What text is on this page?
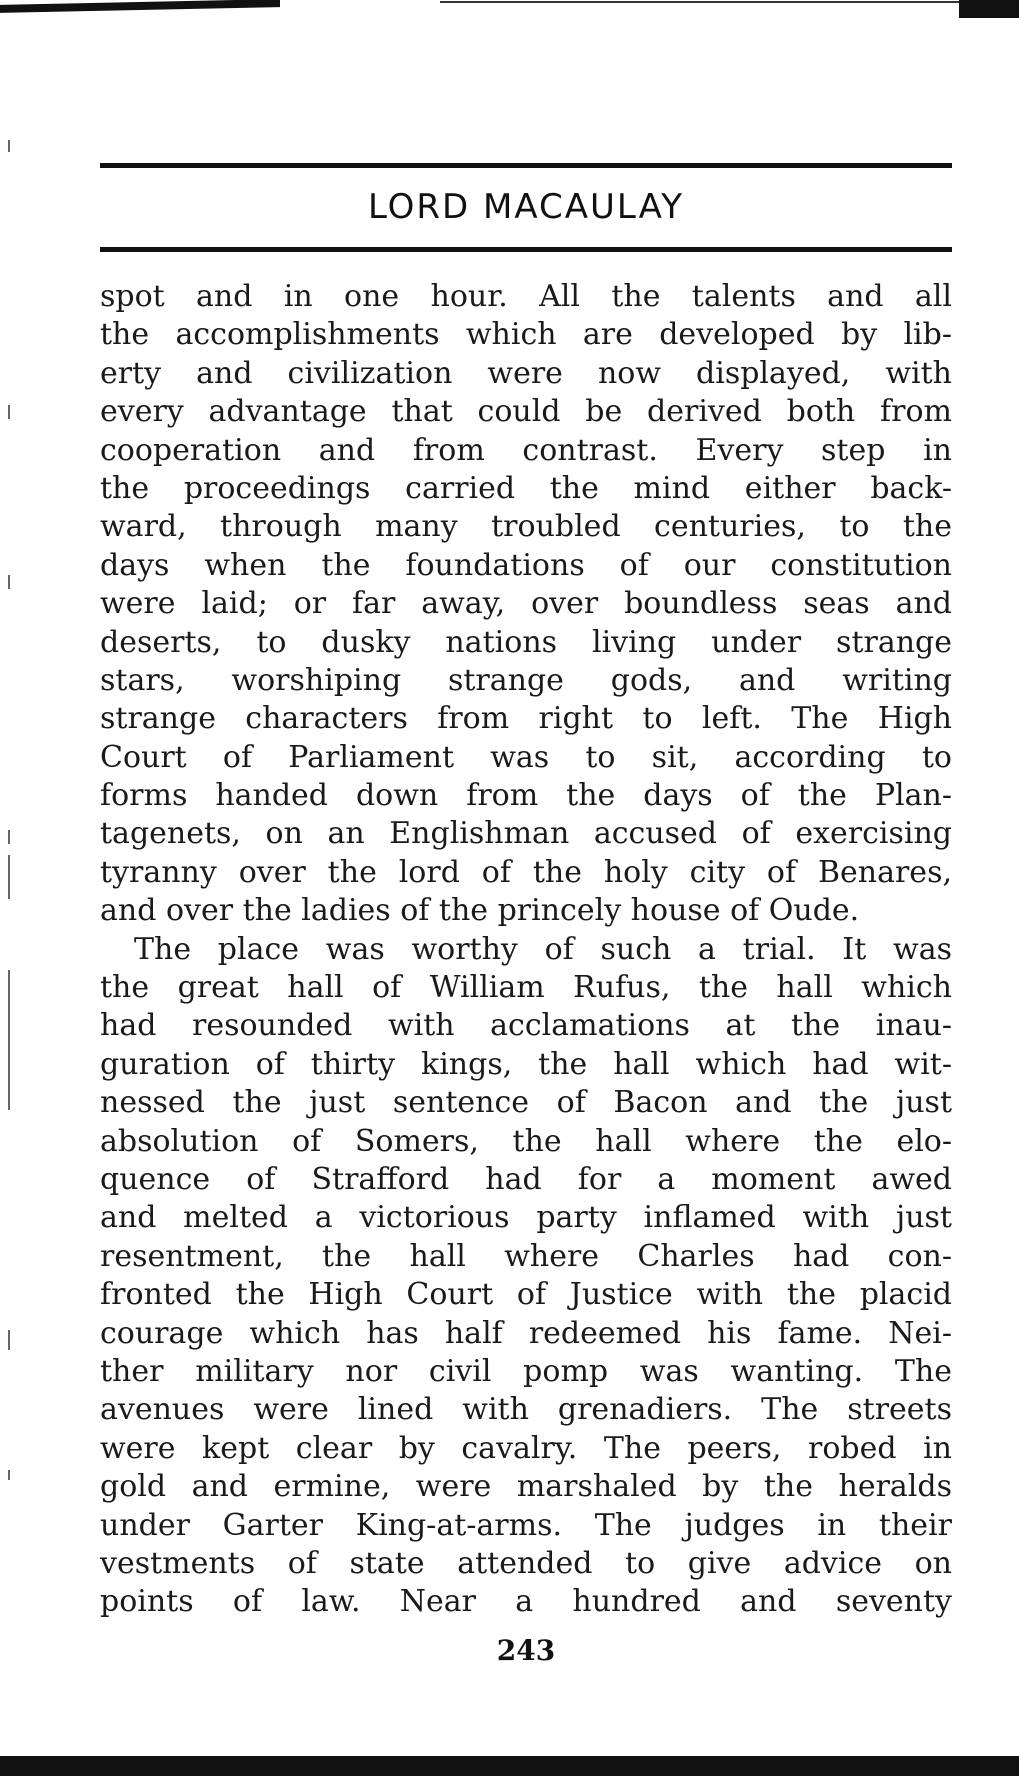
LORD MACAULAY
spot and in one hour. All the talents and all
the accomplishments which are developed by lib-
erty and civilization were now displayed, with
every advantage that could be derived both from
cooperation and from contrast. Every step in
the proceedings carried the mind either back-
ward, through many troubled centuries, to the
days when the foundations of our constitution
were laid; or far away, over boundless seas and
deserts, to dusky nations living under strange
stars, worshiping strange gods, and writing
strange characters from right to left. The High
Court of Parliament was to sit, according to
forms handed down from the days of the Plan-
tagenets, on an Englishman accused of exercising
tyranny over the lord of the holy city of Benares,
and over the ladies of the princely house of Oude.
The place was worthy of such a trial. It was
the great hall of William Rufus, the hall which
had resounded with acclamations at the inau-
guration of thirty kings, the hall which had wit-
nessed the just sentence of Bacon and the just
absolution of Somers, the hall where the elo-
quence of Strafford had for a moment awed
and melted a victorious party inflamed with just
resentment, the hall where Charles had con-
fronted the High Court of Justice with the placid
courage which has half redeemed his fame. Nei-
ther military nor civil pomp was wanting. The
avenues were lined with grenadiers. The streets
were kept clear by cavalry. The peers, robed in
gold and ermine, were marshaled by the heralds
under Garter King-at-arms. The judges in their
vestments of state attended to give advice on
points of law. Near a hundred and seventy
243
